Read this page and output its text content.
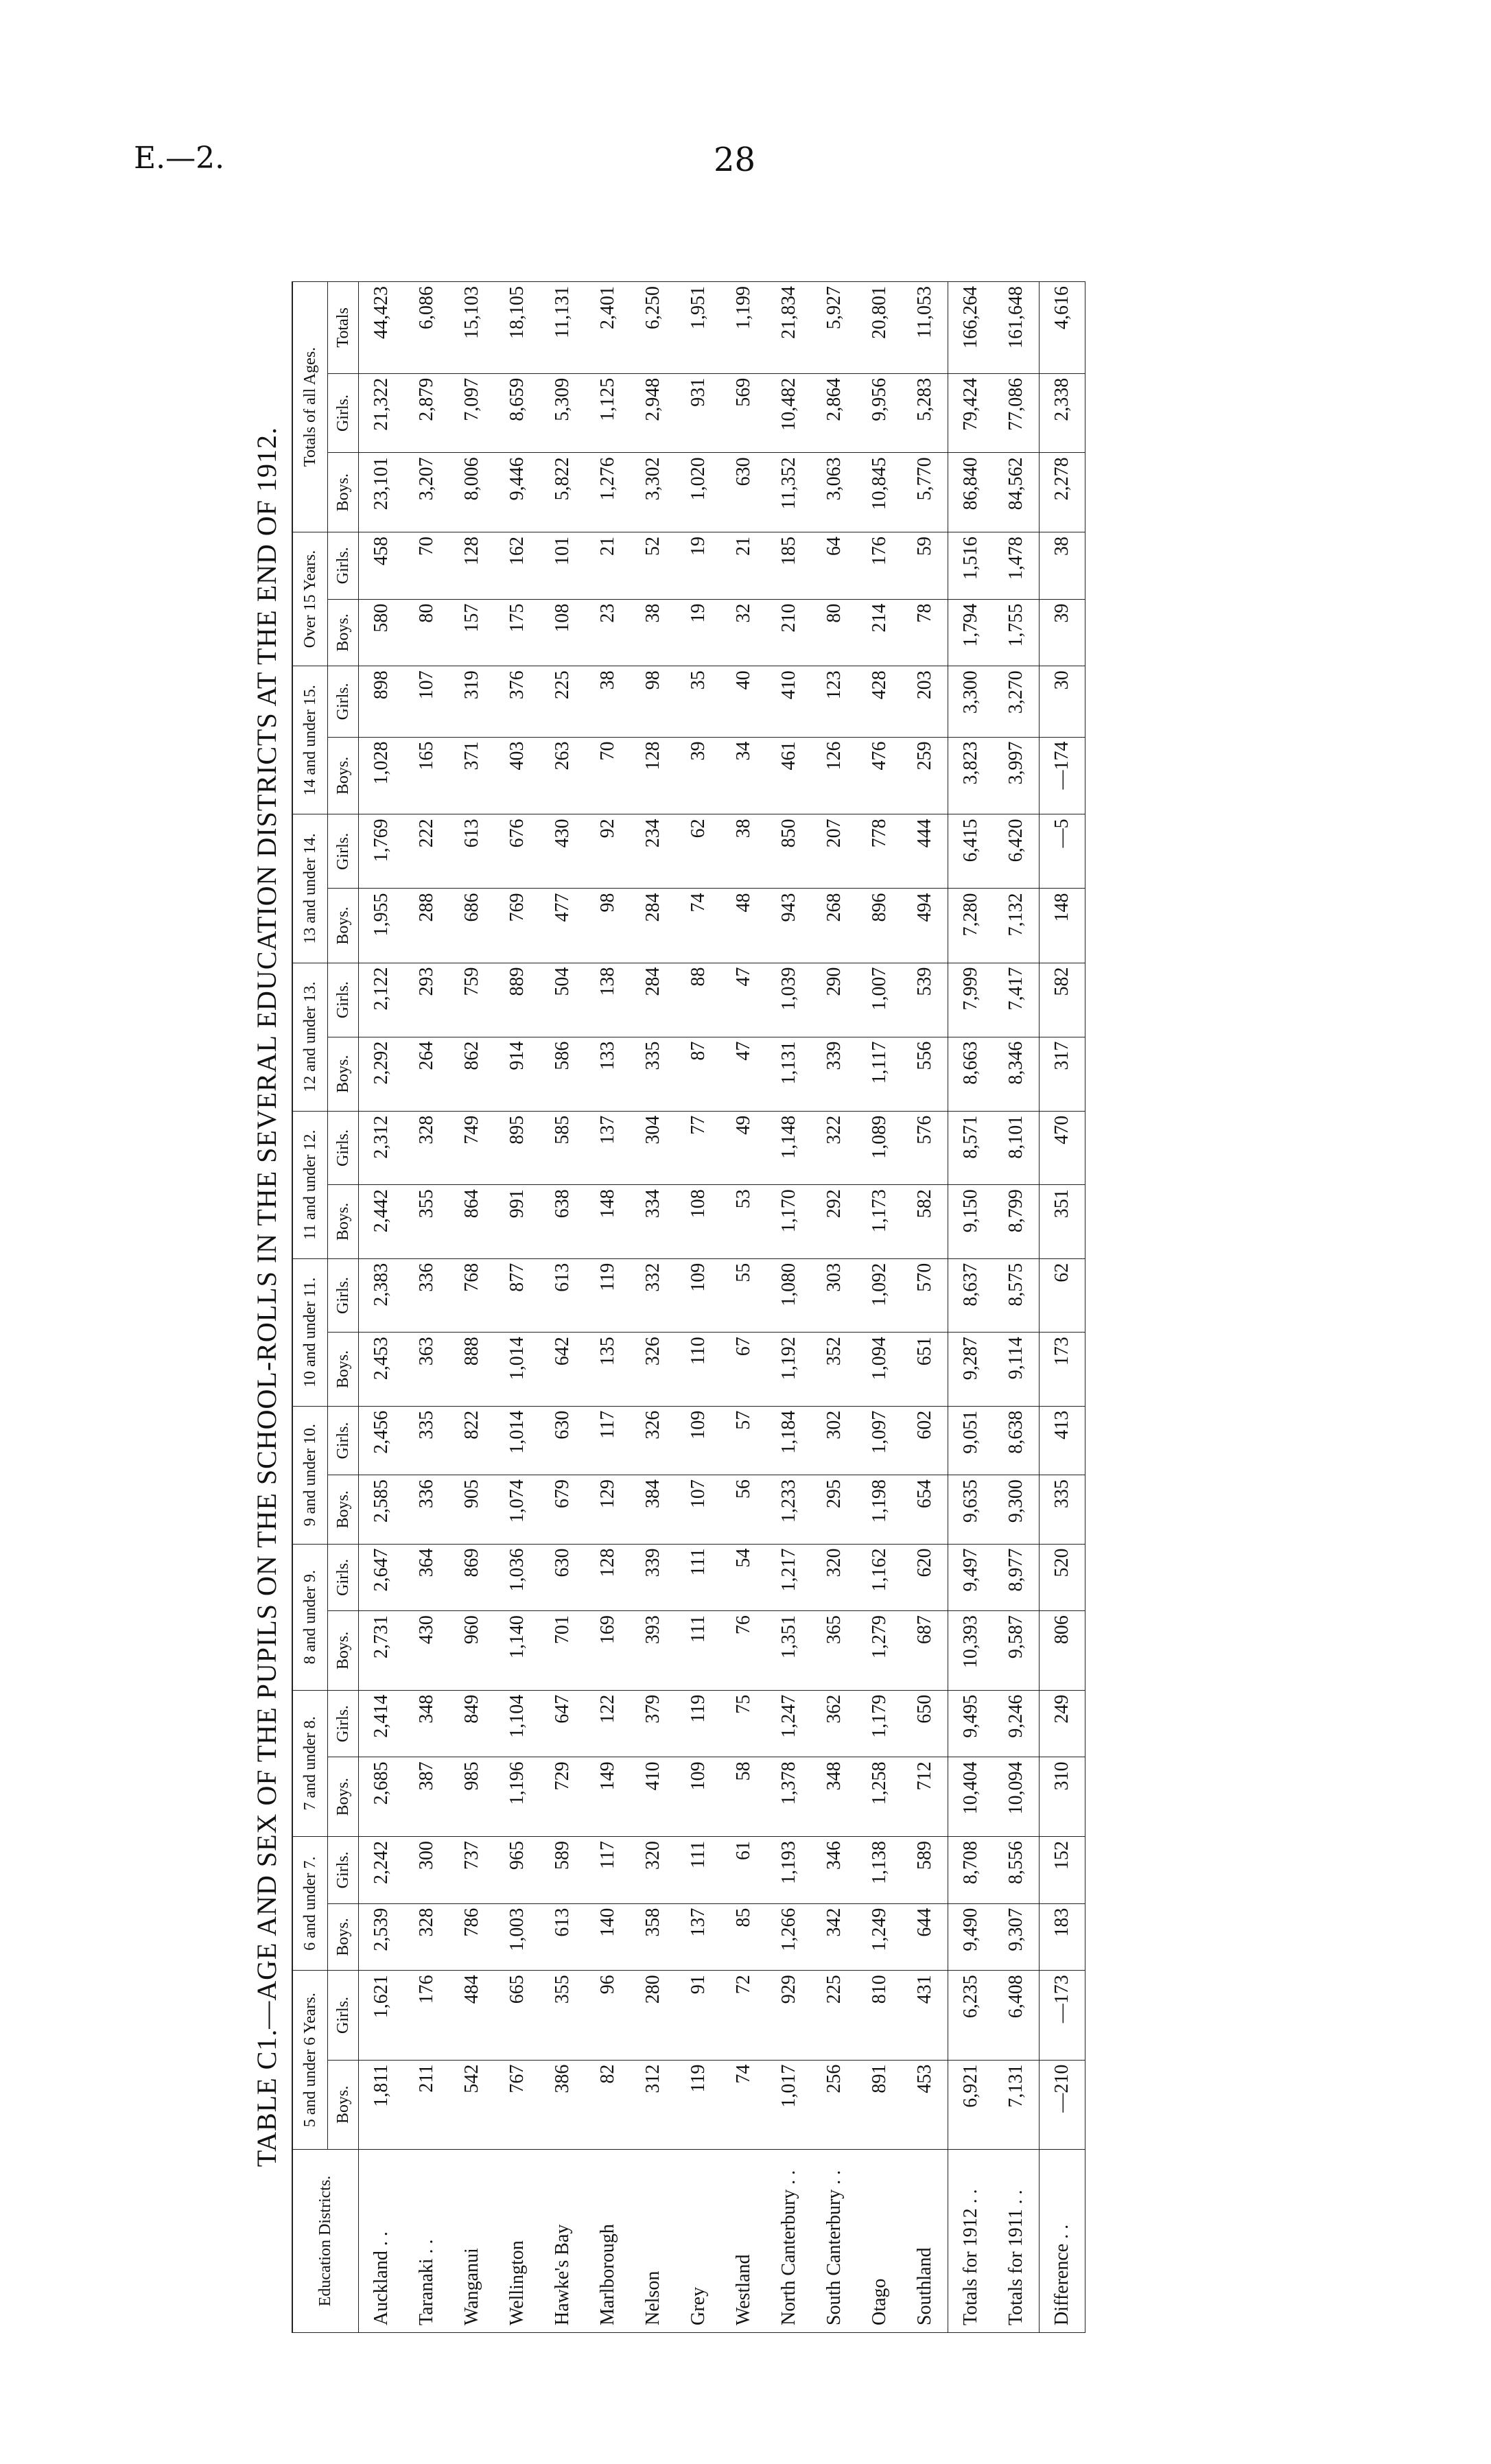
E.—2.	28
TABLE C1.—AGE AND SEX OF THE PUPILS ON THE SCHOOL-ROLLS IN THE SEVERAL EDUCATION DISTRICTS AT THE END OF 1912.
Education Districts.	5 and under 6 Years.		6 and under 7.		7 and under 8.		8 and under 9.		9 and under 10.		10 and under 11.		11 and under 12.		12 and under 13.		13 and under 14.		14 and under 15.		Over 15 Years.		Totals of all Ages.		
	Boys.	Girls.	Boys.	Girls.	Boys.	Girls.	Boys.	Girls.	Boys.	Girls.	Boys.	Girls.	Boys.	Girls.	Boys.	Girls.	Boys.	Girls.	Boys.	Girls.	Boys.	Girls.	Boys.	Girls.	Totals
Auckland . .	1,811	1,621	2,539	2,242	2,685	2,414	2,731	2,647	2,585	2,456	2,453	2,383	2,442	2,312	2,292	2,122	1,955	1,769	1,028	898	580	458	23,101	21,322	44,423
Taranaki . .	211	176	328	300	387	348	430	364	336	335	363	336	355	328	264	293	288	222	165	107	80	70	3,207	2,879	6,086
Wanganui	542	484	786	737	985	849	960	869	905	822	888	768	864	749	862	759	686	613	371	319	157	128	8,006	7,097	15,103
Wellington	767	665	1,003	965	1,196	1,104	1,140	1,036	1,074	1,014	1,014	877	991	895	914	889	769	676	403	376	175	162	9,446	8,659	18,105
Hawke's Bay	386	355	613	589	729	647	701	630	679	630	642	613	638	585	586	504	477	430	263	225	108	101	5,822	5,309	11,131
Marlborough	82	96	140	117	149	122	169	128	129	117	135	119	148	137	133	138	98	92	70	38	23	21	1,276	1,125	2,401
Nelson	312	280	358	320	410	379	393	339	384	326	326	332	334	304	335	284	284	234	128	98	38	52	3,302	2,948	6,250
Grey	119	91	137	111	109	119	111	111	107	109	110	109	108	77	87	88	74	62	39	35	19	19	1,020	931	1,951
Westland	74	72	85	61	58	75	76	54	56	57	67	55	53	49	47	47	48	38	34	40	32	21	630	569	1,199
North Canterbury . .	1,017	929	1,266	1,193	1,378	1,247	1,351	1,217	1,233	1,184	1,192	1,080	1,170	1,148	1,131	1,039	943	850	461	410	210	185	11,352	10,482	21,834
South Canterbury . .	256	225	342	346	348	362	365	320	295	302	352	303	292	322	339	290	268	207	126	123	80	64	3,063	2,864	5,927
Otago	891	810	1,249	1,138	1,258	1,179	1,279	1,162	1,198	1,097	1,094	1,092	1,173	1,089	1,117	1,007	896	778	476	428	214	176	10,845	9,956	20,801
Southland	453	431	644	589	712	650	687	620	654	602	651	570	582	576	556	539	494	444	259	203	78	59	5,770	5,283	11,053
Totals for 1912 . .	6,921	6,235	9,490	8,708	10,404	9,495	10,393	9,497	9,635	9,051	9,287	8,637	9,150	8,571	8,663	7,999	7,280	6,415	3,823	3,300	1,794	1,516	86,840	79,424	166,264
Totals for 1911 . .	7,131	6,408	9,307	8,556	10,094	9,246	9,587	8,977	9,300	8,638	9,114	8,575	8,799	8,101	8,346	7,417	7,132	6,420	3,997	3,270	1,755	1,478	84,562	77,086	161,648
Difference . .	—210	—173	183	152	310	249	806	520	335	413	173	62	351	470	317	582	148	—5	—174	30	39	38	2,278	2,338	4,616
